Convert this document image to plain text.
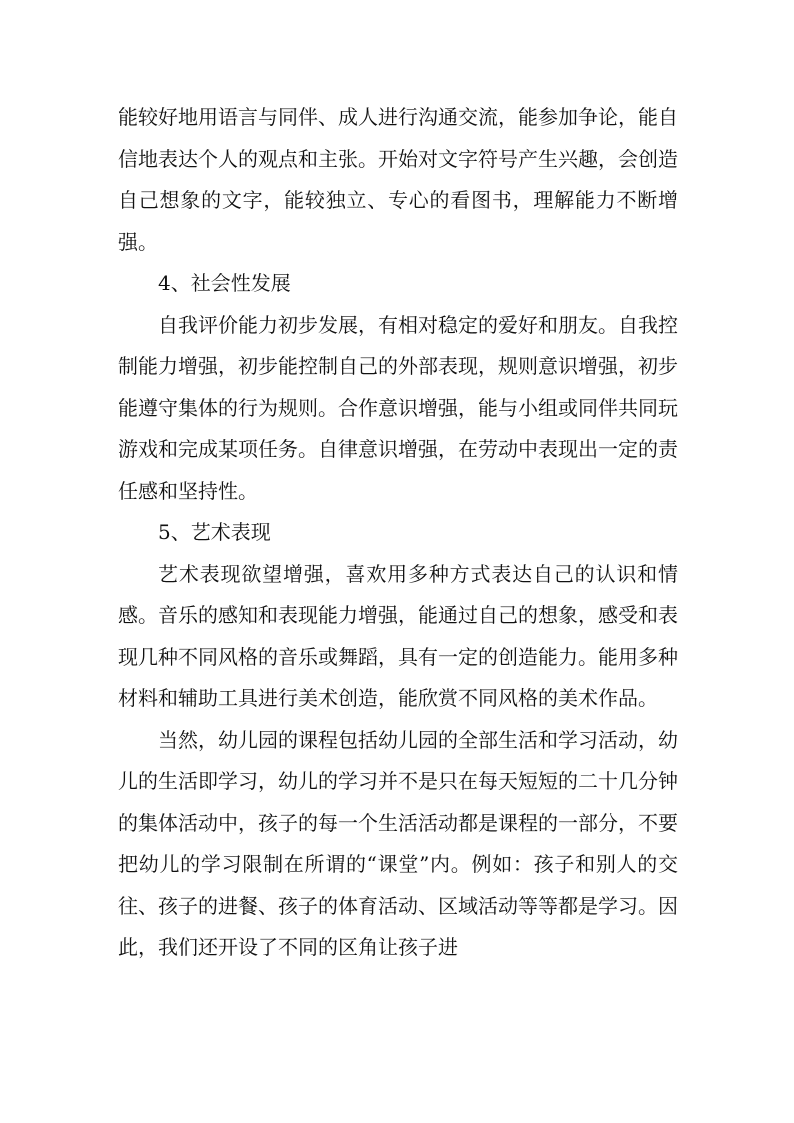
能较好地用语言与同伴、成人进行沟通交流，能参加争论，能自信地表达个人的观点和主张。开始对文字符号产生兴趣，会创造自己想象的文字，能较独立、专心的看图书，理解能力不断增强。

4、社会性发展

自我评价能力初步发展，有相对稳定的爱好和朋友。自我控制能力增强，初步能控制自己的外部表现，规则意识增强，初步能遵守集体的行为规则。合作意识增强，能与小组或同伴共同玩游戏和完成某项任务。自律意识增强，在劳动中表现出一定的责任感和坚持性。

5、艺术表现

艺术表现欲望增强，喜欢用多种方式表达自己的认识和情感。音乐的感知和表现能力增强，能通过自己的想象，感受和表现几种不同风格的音乐或舞蹈，具有一定的创造能力。能用多种材料和辅助工具进行美术创造，能欣赏不同风格的美术作品。

当然，幼儿园的课程包括幼儿园的全部生活和学习活动，幼儿的生活即学习，幼儿的学习并不是只在每天短短的二十几分钟的集体活动中，孩子的每一个生活活动都是课程的一部分，不要把幼儿的学习限制在所谓的“课堂”内。例如：孩子和别人的交往、孩子的进餐、孩子的体育活动、区域活动等等都是学习。因此，我们还开设了不同的区角让孩子进
